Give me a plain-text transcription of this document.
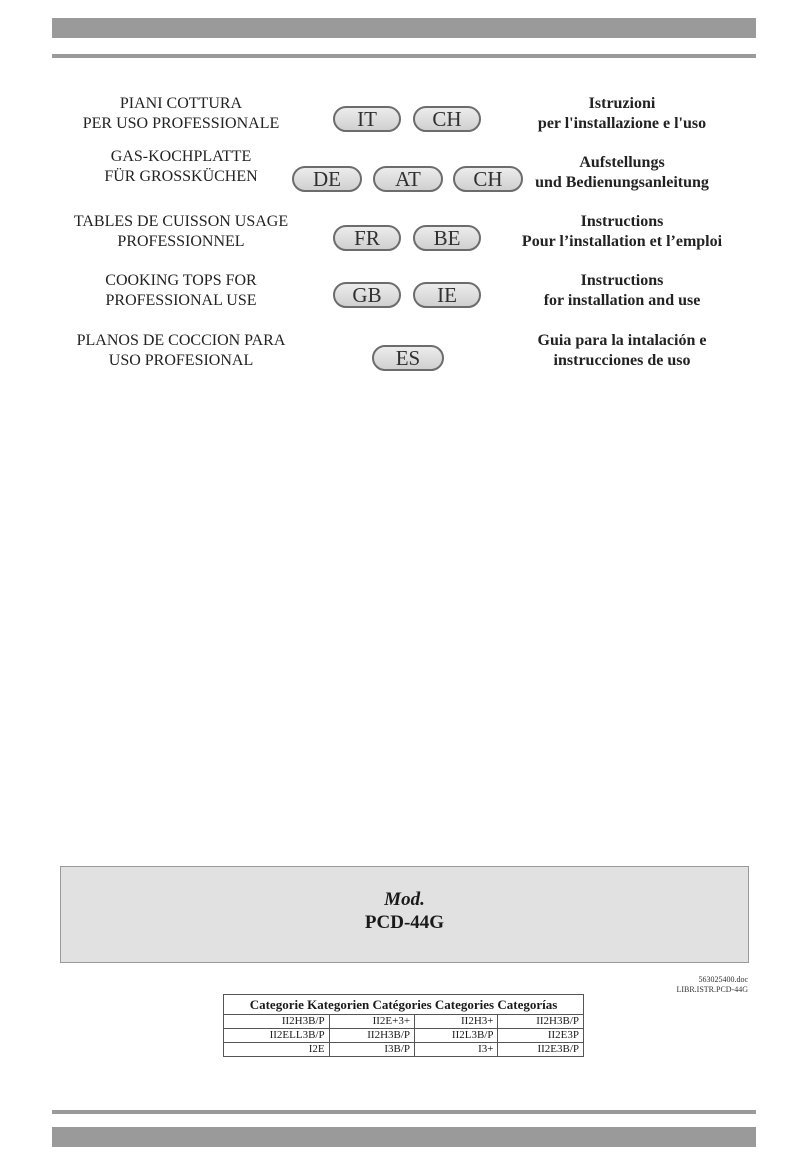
PIANI COTTURA
PER USO PROFESSIONALE	IT	CH
Istruzioni
per l'installazione e l'uso
GAS-KOCHPLATTE
FÜR GROSSKÜCHEN	DE	AT	CH
Aufstellungs
und Bedienungsanleitung
TABLES DE CUISSON USAGE
PROFESSIONNEL	FR	BE
Instructions
Pour l’installation et l’emploi
COOKING TOPS FOR
PROFESSIONAL USE	GB	IE
Instructions
for installation and use
PLANOS DE COCCION PARA
USO PROFESIONAL	ES
Guia para la intalación e
instrucciones de uso
Mod.
PCD-44G
563025400.doc
LIBR.ISTR.PCD-44G
Categorie Kategorien Catégories Categories Categorías			
II2H3B/P	II2E+3+	II2H3+	II2H3B/P
II2ELL3B/P	II2H3B/P	II2L3B/P	II2E3P
I2E	I3B/P	I3+	II2E3B/P
